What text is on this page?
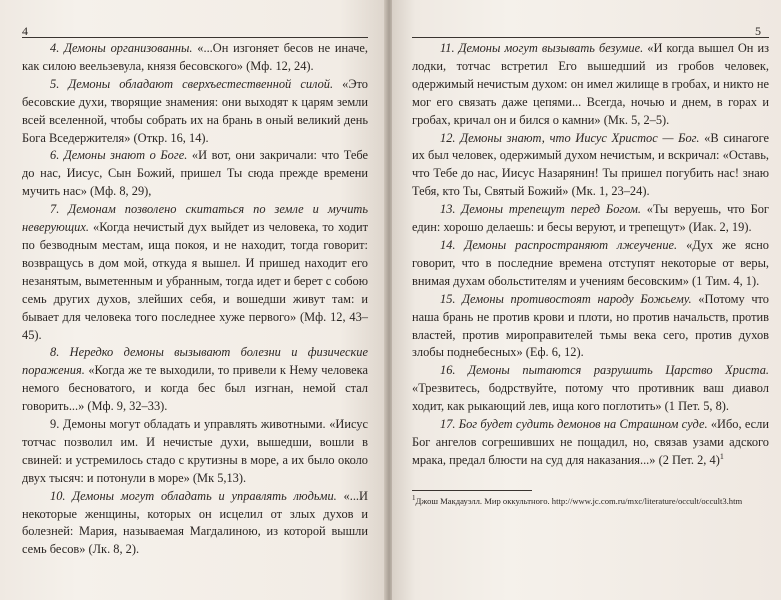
4

4. Демоны организованны. «...Он изгоняет бесов не иначе, как силою веельзевула, князя бесовского» (Мф. 12, 24).

5. Демоны обладают сверхъестественной силой. «Это бесовские духи, творящие знамения: они выходят к царям земли всей вселенной, чтобы собрать их на брань в оный великий день Бога Вседержителя» (Откр. 16, 14).

6. Демоны знают о Боге. «И вот, они закричали: что Тебе до нас, Иисус, Сын Божий, пришел Ты сюда прежде времени мучить нас» (Мф. 8, 29),

7. Демонам позволено скитаться по земле и мучить неверующих. «Когда нечистый дух выйдет из человека, то ходит по безводным местам, ища покоя, и не находит, тогда говорит: возвращусь в дом мой, откуда я вышел. И пришед находит его незанятым, выметенным и убранным, тогда идет и берет с собою семь других духов, злейших себя, и вошедши живут там: и бывает для человека того последнее хуже первого» (Мф. 12, 43–45).

8. Нередко демоны вызывают болезни и физические поражения. «Когда же те выходили, то привели к Нему человека немого бесноватого, и когда бес был изгнан, немой стал говорить...» (Мф. 9, 32–33).

9. Демоны могут обладать и управлять животными. «Иисус тотчас позволил им. И нечистые духи, вышедши, вошли в свиней: и устремилось стадо с крутизны в море, а их было около двух тысяч: и потонули в море» (Мк 5,13).

10. Демоны могут обладать и управлять людьми. «...И некоторые женщины, которых он исцелил от злых духов и болезней: Мария, называемая Магдалиною, из которой вышли семь бесов» (Лк. 8, 2).

5

11. Демоны могут вызывать безумие. «И когда вышел Он из лодки, тотчас встретил Его вышедший из гробов человек, одержимый нечистым духом: он имел жилище в гробах, и никто не мог его связать даже цепями... Всегда, ночью и днем, в горах и гробах, кричал он и бился о камни» (Мк. 5, 2–5).

12. Демоны знают, что Иисус Христос — Бог. «В синагоге их был человек, одержимый духом нечистым, и вскричал: «Оставь, что Тебе до нас, Иисус Назарянин! Ты пришел погубить нас! знаю Тебя, кто Ты, Святый Божий» (Мк. 1, 23–24).

13. Демоны трепещут перед Богом. «Ты веруешь, что Бог един: хорошо делаешь: и бесы веруют, и трепещут» (Иак. 2, 19).

14. Демоны распространяют лжеучение. «Дух же ясно говорит, что в последние времена отступят некоторые от веры, внимая духам обольстителям и учениям бесовским» (1 Тим. 4, 1).

15. Демоны противостоят народу Божьему. «Потому что наша брань не против крови и плоти, но против начальств, против властей, против мироправителей тьмы века сего, против духов злобы поднебесных» (Еф. 6, 12).

16. Демоны пытаются разрушить Царство Христа. «Трезвитесь, бодрствуйте, потому что противник ваш диавол ходит, как рыкающий лев, ища кого поглотить» (1 Пет. 5, 8).

17. Бог будет судить демонов на Страшном суде. «Ибо, если Бог ангелов согрешивших не пощадил, но, связав узами адского мрака, предал блюсти на суд для наказания...» (2 Пет. 2, 4)$^1$

$^1$Джош Макдауэлл. Мир оккультного. http://www.jc.com.ru/mxc/literature/occult/occult3.htm
